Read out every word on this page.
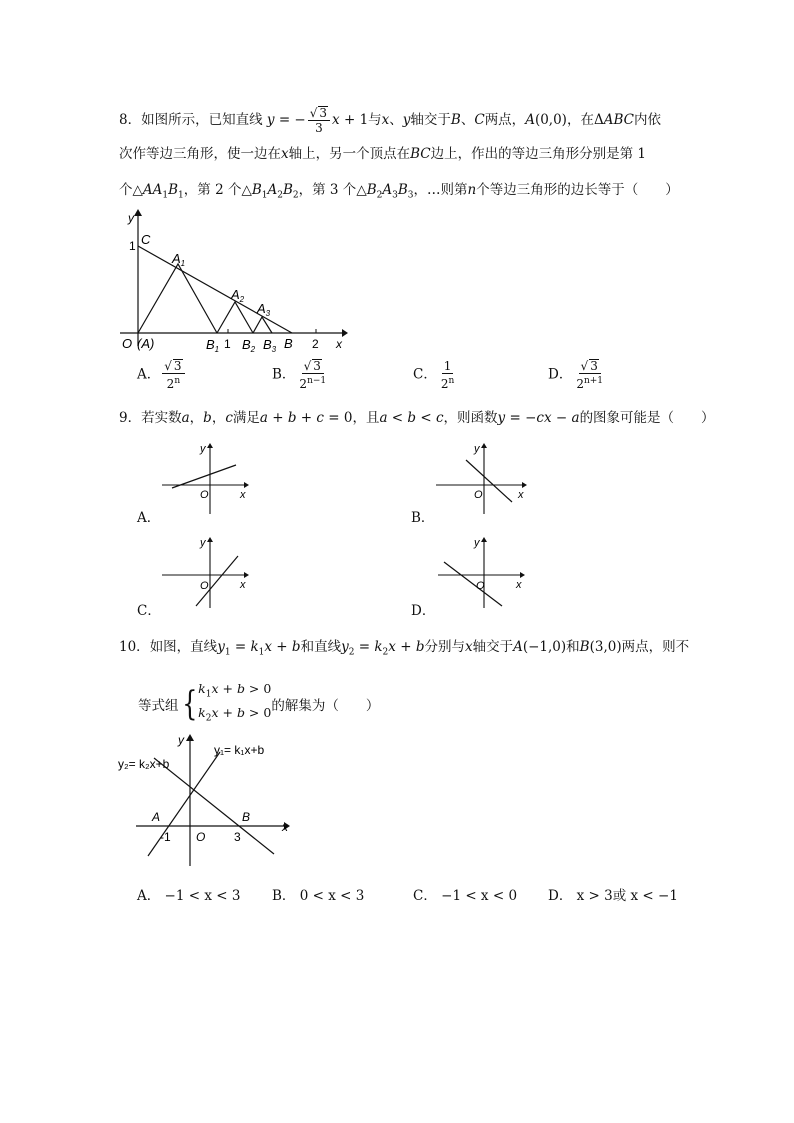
8．如图所示，已知直线 y = − $\frac{√ 3}{3}$ x + 1与x、y轴交于B、C两点，A(0,0)，在ΔABC内依
次作等边三角形，使一边在x轴上，另一个顶点在BC边上，作出的等边三角形分别是第 1
个$\triangle AA_1B_1$，第 2 个$\triangle B_1A_2B_2$，第 3 个$\triangle B_2A_3B_3$，…则第n个等边三角形的边长等于（　　）
y
1 C
$A_1$
$A_2$
$A_3$
O (A)	$B_1$ 1 $B_2$ $B_3$ B 2 x
A． $\frac{√ 3}{2^n}$	B． $\frac{√ 3}{2^{n-1}}$	C． $\frac{1}{2^n}$	D． $\frac{√ 3}{2^{n+1}}$
9．若实数a，b，c满足a + b + c = 0，且a < b < c，则函数y = −cx − a的图象可能是（　　）
y
x
O
A．
y
x
O
B．
y
x
O
C．
y
x
O
D．
10．如图，直线$y_1 = k_1x + b$和直线$y_2 = k_2x + b$分别与x轴交于A(−1,0)和B(3,0)两点，则不
等式组 { $k_1x + b > 0$
$k_2x + b > 0$ 的解集为（　　）
y
y₁= k₁x+b
y₂= k₂x+b
A	B
-1 O 3
x
A． −1 < x < 3 B． 0 < x < 3	C． −1 < x < 0 D． x > 3或 x < −1
